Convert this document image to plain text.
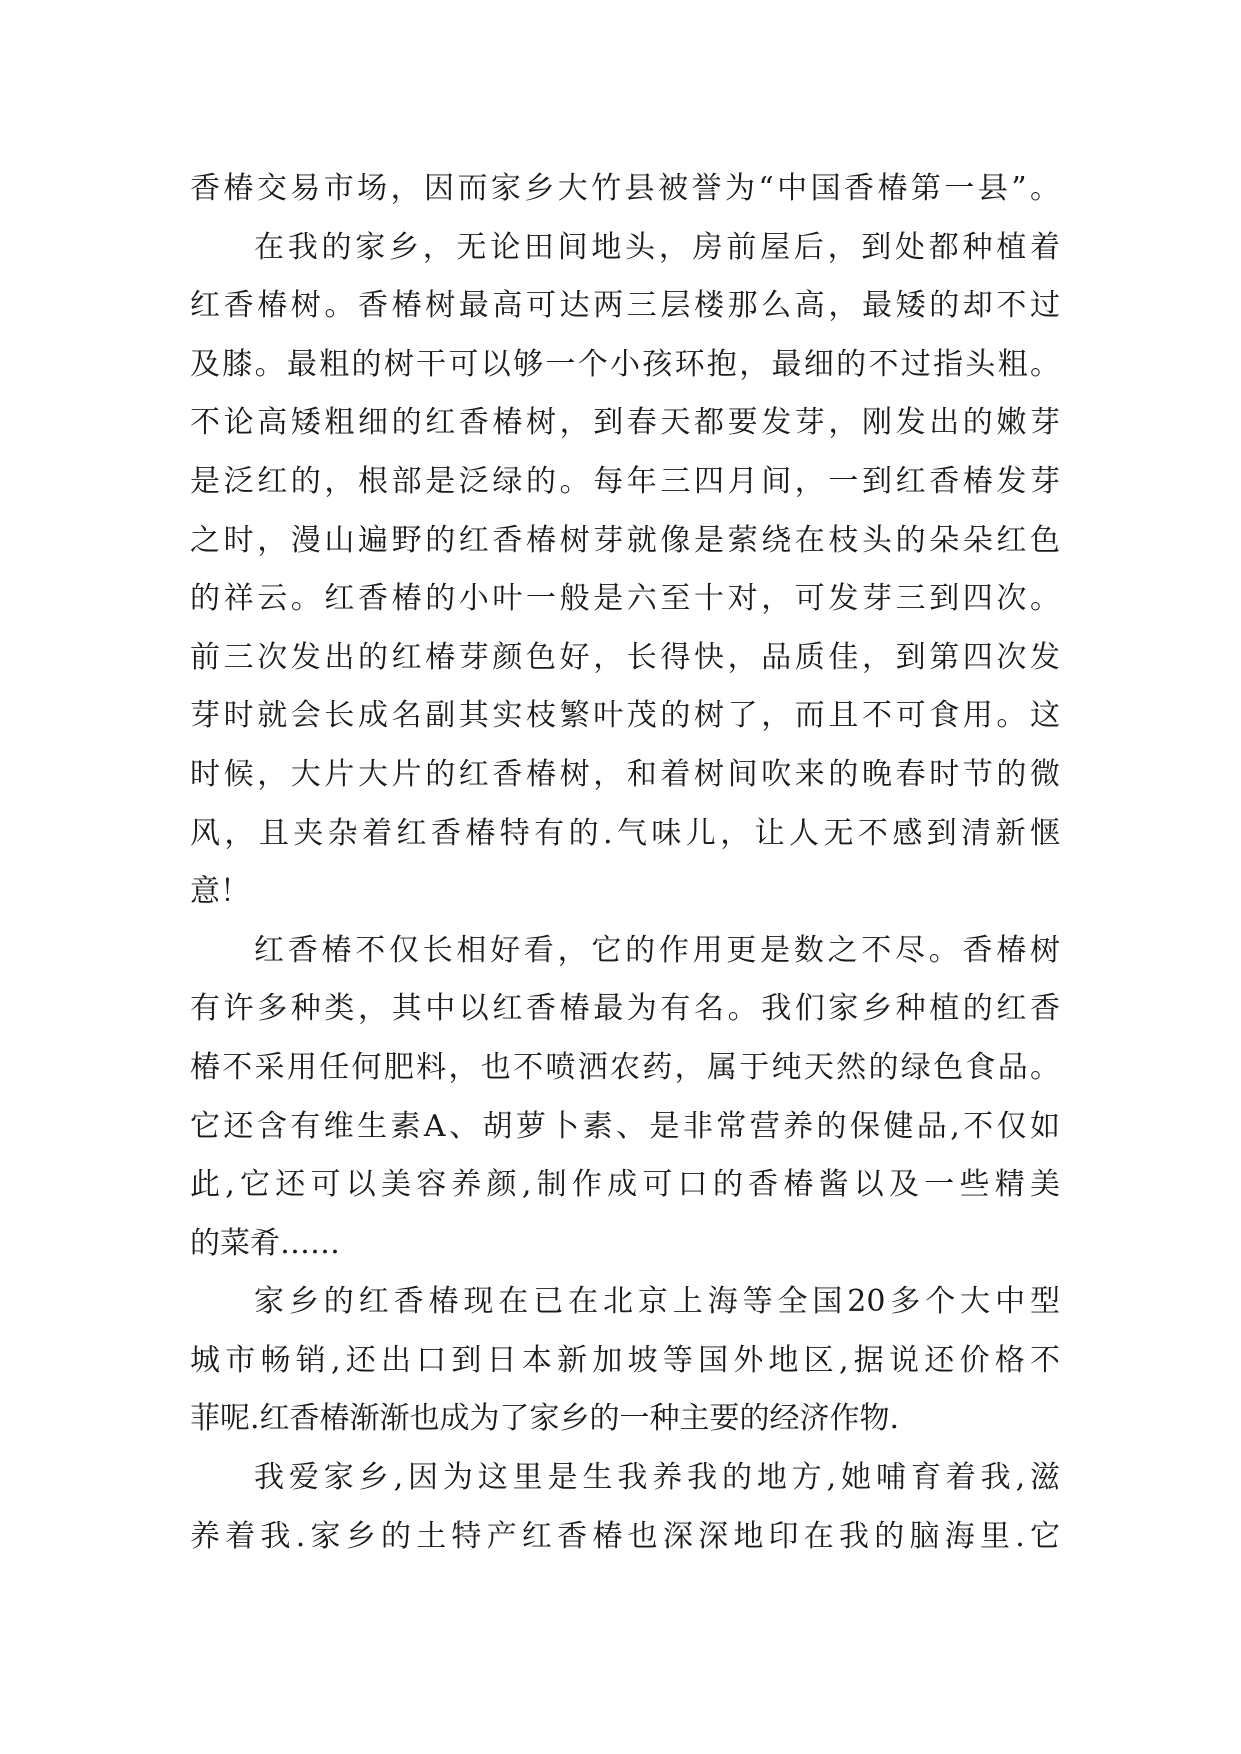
香椿交易市场，因而家乡大竹县被誉为“中国香椿第一县”。
在我的家乡，无论田间地头，房前屋后，到处都种植着
红香椿树。香椿树最高可达两三层楼那么高，最矮的却不过
及膝。最粗的树干可以够一个小孩环抱，最细的不过指头粗。
不论高矮粗细的红香椿树，到春天都要发芽，刚发出的嫩芽
是泛红的，根部是泛绿的。每年三四月间，一到红香椿发芽
之时，漫山遍野的红香椿树芽就像是萦绕在枝头的朵朵红色
的祥云。红香椿的小叶一般是六至十对，可发芽三到四次。
前三次发出的红椿芽颜色好，长得快，品质佳，到第四次发
芽时就会长成名副其实枝繁叶茂的树了，而且不可食用。这
时候，大片大片的红香椿树，和着树间吹来的晚春时节的微
风，且夹杂着红香椿特有的.气味儿，让人无不感到清新惬
意！
红香椿不仅长相好看，它的作用更是数之不尽。香椿树
有许多种类，其中以红香椿最为有名。我们家乡种植的红香
椿不采用任何肥料，也不喷洒农药，属于纯天然的绿色食品。
它还含有维生素A、胡萝卜素、是非常营养的保健品,不仅如
此,它还可以美容养颜,制作成可口的香椿酱以及一些精美
的菜肴……
家乡的红香椿现在已在北京上海等全国20多个大中型
城市畅销,还出口到日本新加坡等国外地区,据说还价格不
菲呢.红香椿渐渐也成为了家乡的一种主要的经济作物.
我爱家乡,因为这里是生我养我的地方,她哺育着我,滋
养着我.家乡的土特产红香椿也深深地印在我的脑海里.它
